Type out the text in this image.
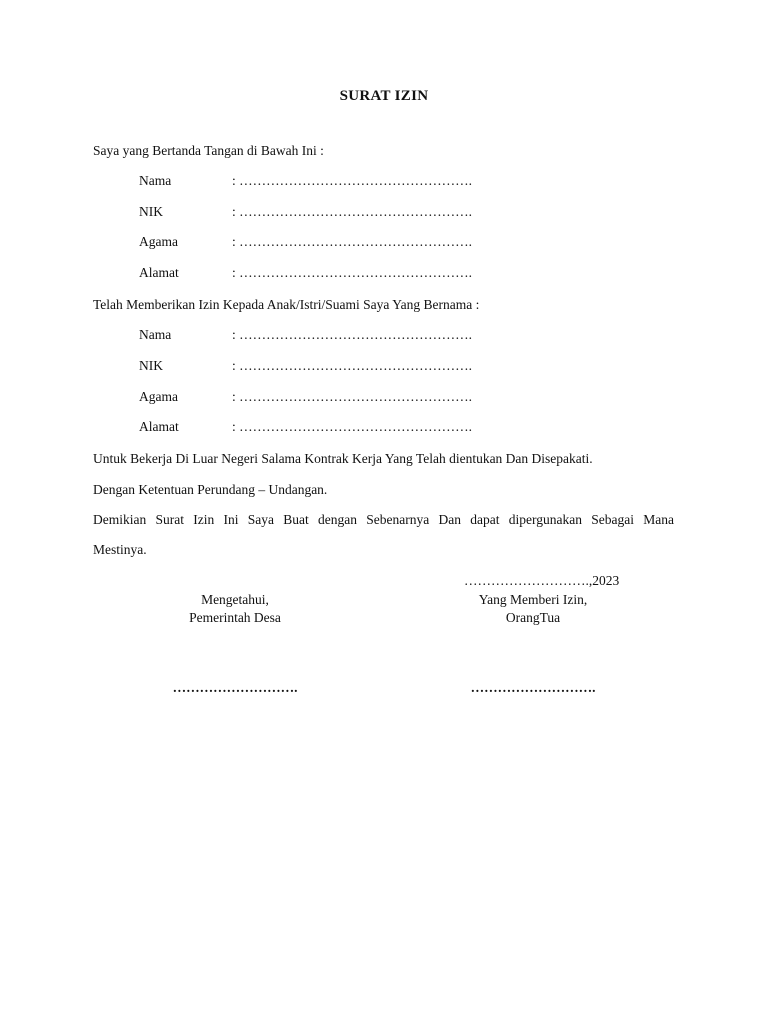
SURAT IZIN
Saya yang Bertanda Tangan di Bawah Ini :
Nama	: …………………………………………….
NIK	: …………………………………………….
Agama	: …………………………………………….
Alamat	: …………………………………………….
Telah Memberikan Izin Kepada Anak/Istri/Suami Saya Yang Bernama :
Nama	: …………………………………………….
NIK	: …………………………………………….
Agama	: …………………………………………….
Alamat	: …………………………………………….
Untuk Bekerja Di Luar Negeri Salama Kontrak Kerja Yang Telah dientukan Dan Disepakati.
Dengan Ketentuan Perundang – Undangan.
Demikian Surat Izin Ini Saya Buat dengan Sebenarnya Dan dapat dipergunakan Sebagai Mana
Mestinya.
……………………….,2023
Mengetahui,
Pemerintah Desa
Yang Memberi Izin,
OrangTua
……………………….	……………………….
